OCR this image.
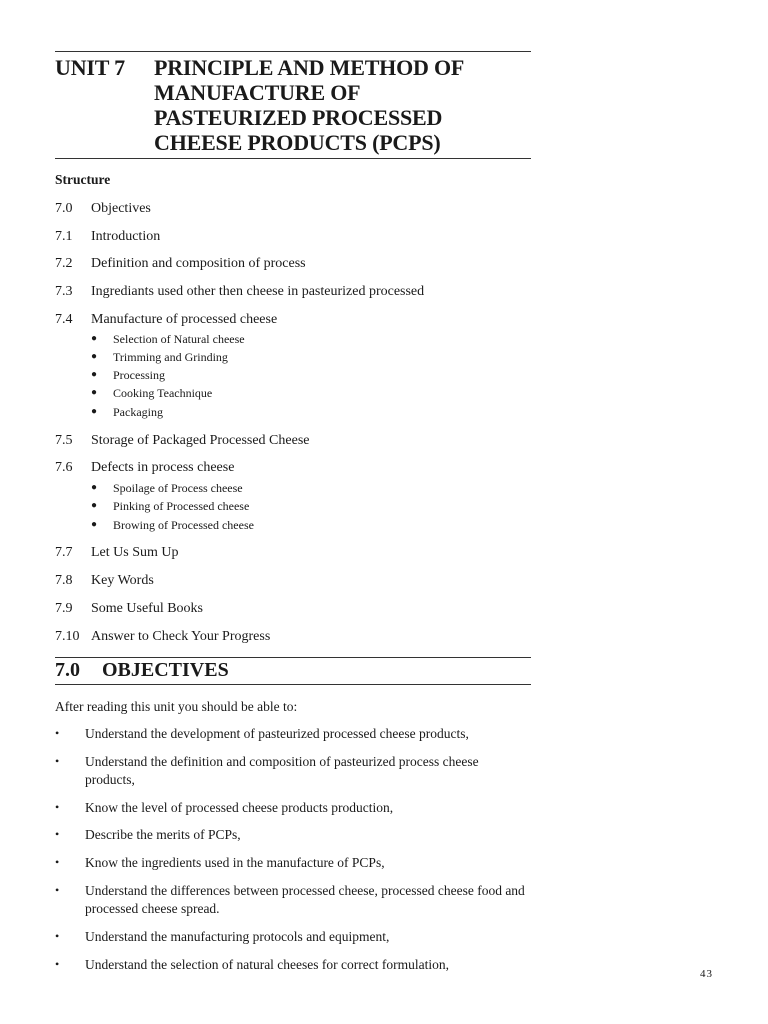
UNIT 7	PRINCIPLE AND METHOD OF
MANUFACTURE OF
PASTEURIZED PROCESSED
CHEESE PRODUCTS (PCPS)
Structure
7.0	Objectives
7.1	Introduction
7.2	Definition and composition of process
7.3	Ingrediants used other then cheese in pasteurized processed
7.4	Manufacture of processed cheese
●	Selection of Natural cheese
●	Trimming and Grinding
●	Processing
●	Cooking Teachnique
●	Packaging
7.5	Storage of Packaged Processed Cheese
7.6	Defects in process cheese
●	Spoilage of Process cheese
●	Pinking of Processed cheese
●	Browing of Processed cheese
7.7	Let Us Sum Up
7.8	Key Words
7.9	Some Useful Books
7.10 Answer to Check Your Progress
7.0 OBJECTIVES
After reading this unit you should be able to:
•	Understand the development of pasteurized processed cheese products,
•	Understand the definition and composition of pasteurized process cheese products,
•	Know the level of processed cheese products production,
•	Describe the merits of PCPs,
•	Know the ingredients used in the manufacture of PCPs,
•	Understand the differences between processed cheese, processed cheese food and processed cheese spread.
•	Understand the manufacturing protocols and equipment,
•	Understand the selection of natural cheeses for correct formulation,
43
